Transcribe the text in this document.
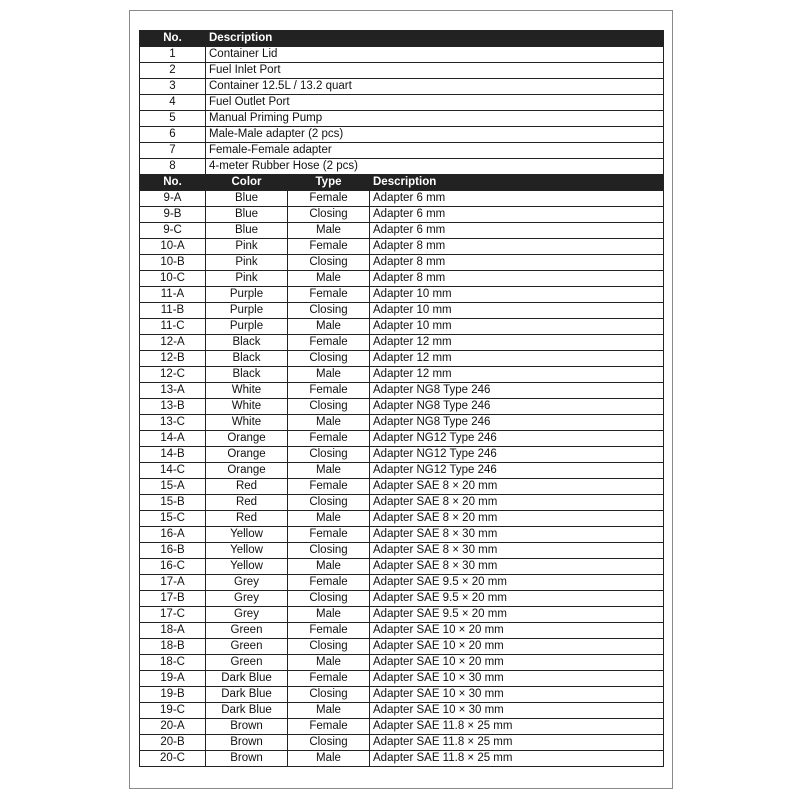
No.	Description
1	Container Lid
2	Fuel Inlet Port
3	Container 12.5L / 13.2 quart
4	Fuel Outlet Port
5	Manual Priming Pump
6	Male-Male adapter (2 pcs)
7	Female-Female adapter
8	4-meter Rubber Hose (2 pcs)
No.	Color	Type	Description
9-A	Blue	Female	Adapter 6 mm
9-B	Blue	Closing	Adapter 6 mm
9-C	Blue	Male	Adapter 6 mm
10-A	Pink	Female	Adapter 8 mm
10-B	Pink	Closing	Adapter 8 mm
10-C	Pink	Male	Adapter 8 mm
11-A	Purple	Female	Adapter 10 mm
11-B	Purple	Closing	Adapter 10 mm
11-C	Purple	Male	Adapter 10 mm
12-A	Black	Female	Adapter 12 mm
12-B	Black	Closing	Adapter 12 mm
12-C	Black	Male	Adapter 12 mm
13-A	White	Female	Adapter NG8 Type 246
13-B	White	Closing	Adapter NG8 Type 246
13-C	White	Male	Adapter NG8 Type 246
14-A	Orange	Female	Adapter NG12 Type 246
14-B	Orange	Closing	Adapter NG12 Type 246
14-C	Orange	Male	Adapter NG12 Type 246
15-A	Red	Female	Adapter SAE 8 × 20 mm
15-B	Red	Closing	Adapter SAE 8 × 20 mm
15-C	Red	Male	Adapter SAE 8 × 20 mm
16-A	Yellow	Female	Adapter SAE 8 × 30 mm
16-B	Yellow	Closing	Adapter SAE 8 × 30 mm
16-C	Yellow	Male	Adapter SAE 8 × 30 mm
17-A	Grey	Female	Adapter SAE 9.5 × 20 mm
17-B	Grey	Closing	Adapter SAE 9.5 × 20 mm
17-C	Grey	Male	Adapter SAE 9.5 × 20 mm
18-A	Green	Female	Adapter SAE 10 × 20 mm
18-B	Green	Closing	Adapter SAE 10 × 20 mm
18-C	Green	Male	Adapter SAE 10 × 20 mm
19-A	Dark Blue	Female	Adapter SAE 10 × 30 mm
19-B	Dark Blue	Closing	Adapter SAE 10 × 30 mm
19-C	Dark Blue	Male	Adapter SAE 10 × 30 mm
20-A	Brown	Female	Adapter SAE 11.8 × 25 mm
20-B	Brown	Closing	Adapter SAE 11.8 × 25 mm
20-C	Brown	Male	Adapter SAE 11.8 × 25 mm
